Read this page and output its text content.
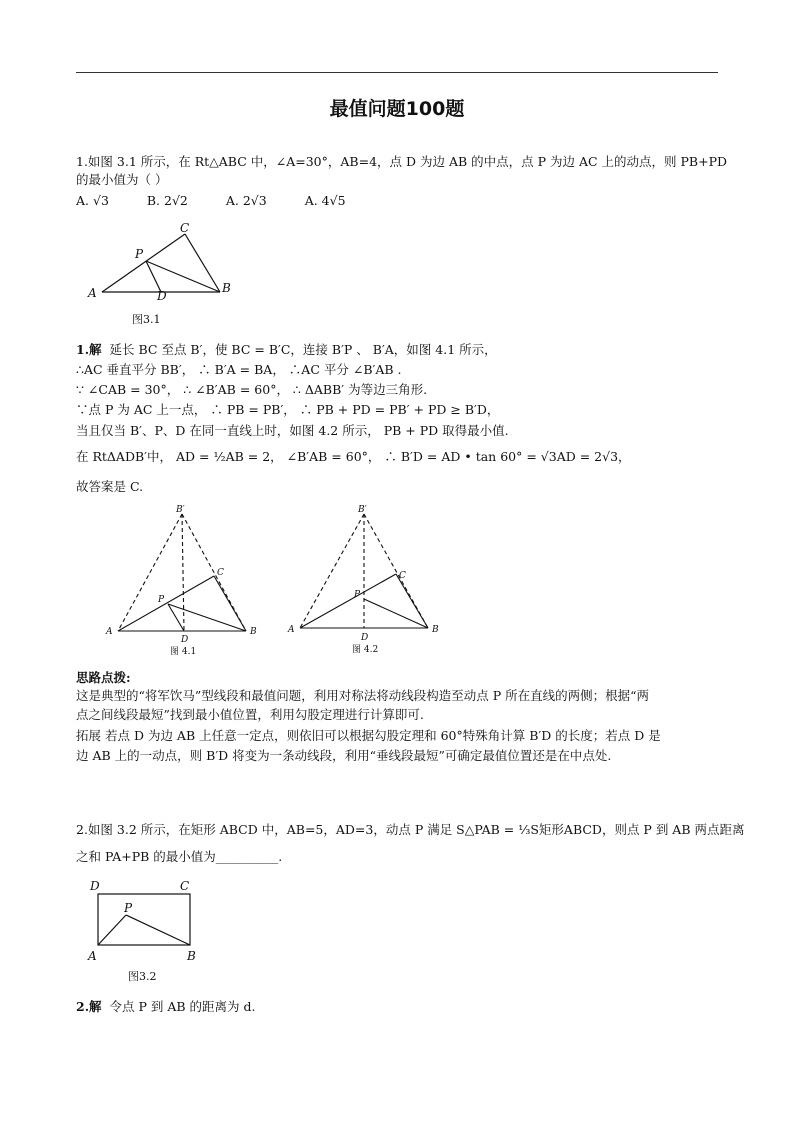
最值问题100题
1.如图 3.1 所示，在 Rt△ABC 中，∠A=30°，AB=4，点 D 为边 AB 的中点，点 P 为边 AC 上的动点，则 PB+PD
的最小值为（ ）
A. √3	B. 2√2	A. 2√3	A. 4√5
C
P
A	D
B
图3.1
1.解 延长 BC 至点 B′，使 BC = B′C，连接 B′P 、 B′A，如图 4.1 所示，
∴AC 垂直平分 BB′， ∴ B′A = BA， ∴AC 平分 ∠B′AB .
∵ ∠CAB = 30°， ∴ ∠B′AB = 60°， ∴ ΔABB′ 为等边三角形.
∵点 P 为 AC 上一点， ∴ PB = PB′， ∴ PB + PD = PB′ + PD ≥ B′D，
当且仅当 B′、P、D 在同一直线上时，如图 4.2 所示， PB + PD 取得最小值.
在 RtΔADB′中， AD = ½AB = 2， ∠B′AB = 60°， ∴ B′D = AD • tan 60° = √3AD = 2√3，
故答案是 C.
B′
C
P
A
D
B
图 4.1
B′
C
P
A
D
B
图 4.2
思路点拨:
这是典型的“将军饮马”型线段和最值问题，利用对称法将动线段构造至动点 P 所在直线的两侧；根据“两
点之间线段最短”找到最小值位置，利用勾股定理进行计算即可.
拓展 若点 D 为边 AB 上任意一定点，则依旧可以根据勾股定理和 60°特殊角计算 B′D 的长度；若点 D 是
边 AB 上的一动点，则 B′D 将变为一条动线段，利用“垂线段最短”可确定最值位置还是在中点处.
2.如图 3.2 所示，在矩形 ABCD 中，AB=5，AD=3，动点 P 满足 S△PAB = ⅓S矩形ABCD，则点 P 到 AB 两点距离
之和 PA+PB 的最小值为__________.
D	C
P
A	B
图3.2
2.解 令点 P 到 AB 的距离为 d.
